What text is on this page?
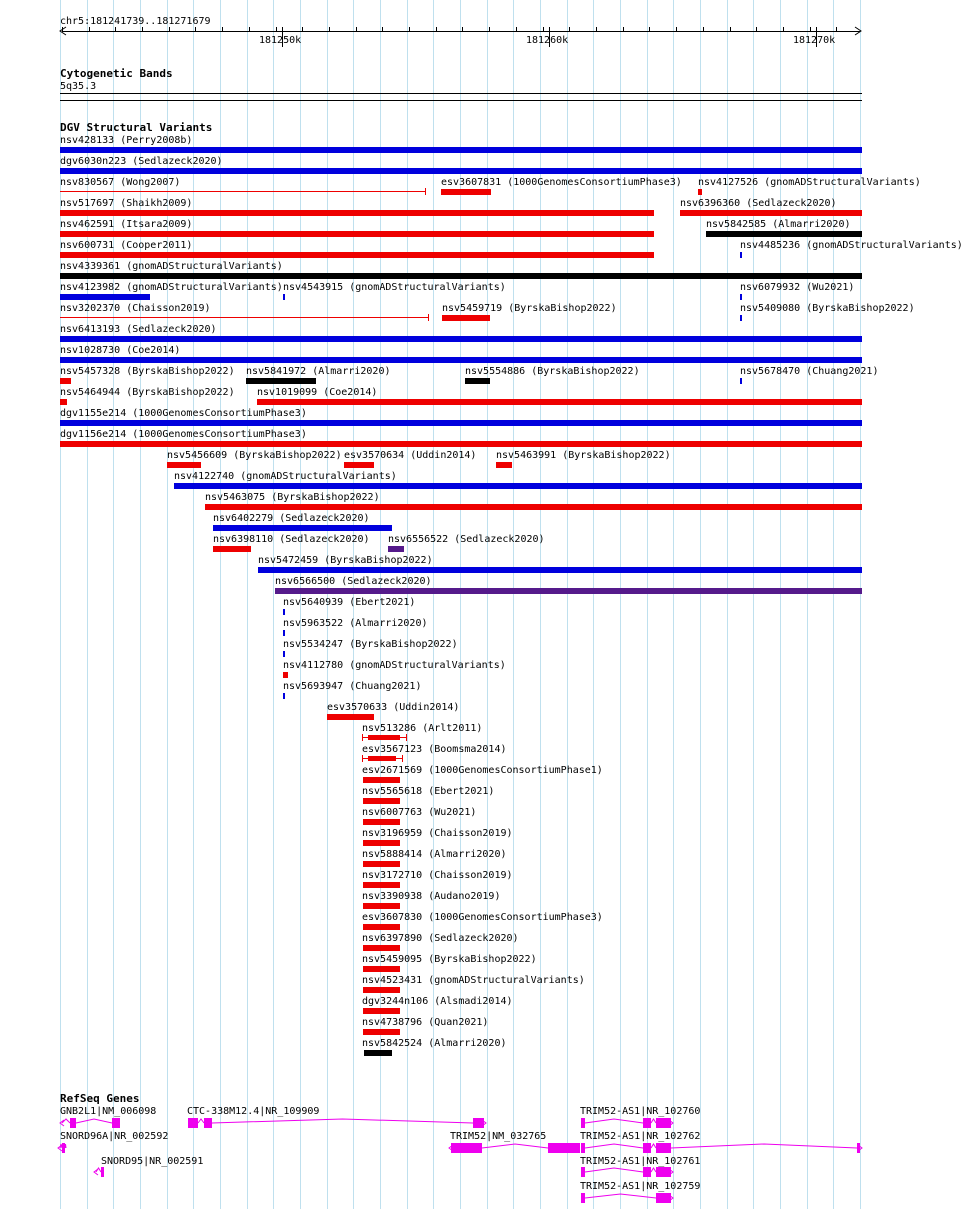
chr5:181241739..181271679
181250k	181260k	181270k
Cytogenetic Bands
5q35.3
DGV Structural Variants
nsv428133 (Perry2008b)
dgv6030n223 (Sedlazeck2020)
nsv830567 (Wong2007)	esv3607831 (1000GenomesConsortiumPhase3) nsv4127526 (gnomADStructuralVariants)
nsv517697 (Shaikh2009)	nsv6396360 (Sedlazeck2020)
nsv462591 (Itsara2009)	nsv5842585 (Almarri2020)
nsv600731 (Cooper2011)	nsv4485236 (gnomADStructuralVariants)
nsv4339361 (gnomADStructuralVariants)
nsv4123982 (gnomADStructuralVariants) nsv4543915 (gnomADStructuralVariants)	nsv6079932 (Wu2021)
nsv3202370 (Chaisson2019)	nsv5459719 (ByrskaBishop2022)	nsv5409080 (ByrskaBishop2022)
nsv6413193 (Sedlazeck2020)
nsv1028730 (Coe2014)
nsv5457328 (ByrskaBishop2022) nsv5841972 (Almarri2020)	nsv5554886 (ByrskaBishop2022)	nsv5678470 (Chuang2021)
nsv5464944 (ByrskaBishop2022) nsv1019099 (Coe2014)
dgv1155e214 (1000GenomesConsortiumPhase3)
dgv1156e214 (1000GenomesConsortiumPhase3)
nsv5456609 (ByrskaBishop2022) esv3570634 (Uddin2014) nsv5463991 (ByrskaBishop2022)
nsv4122740 (gnomADStructuralVariants)
nsv5463075 (ByrskaBishop2022)
nsv6402279 (Sedlazeck2020)
nsv6398110 (Sedlazeck2020) nsv6556522 (Sedlazeck2020)
nsv5472459 (ByrskaBishop2022)
nsv6566500 (Sedlazeck2020)
nsv5640939 (Ebert2021)
nsv5963522 (Almarri2020)
nsv5534247 (ByrskaBishop2022)
nsv4112780 (gnomADStructuralVariants)
nsv5693947 (Chuang2021)
esv3570633 (Uddin2014)
nsv513286 (Arlt2011)
esv3567123 (Boomsma2014)
esv2671569 (1000GenomesConsortiumPhase1)
nsv5565618 (Ebert2021)
nsv6007763 (Wu2021)
nsv3196959 (Chaisson2019)
nsv5888414 (Almarri2020)
nsv3172710 (Chaisson2019)
nsv3390938 (Audano2019)
esv3607830 (1000GenomesConsortiumPhase3)
nsv6397890 (Sedlazeck2020)
nsv5459095 (ByrskaBishop2022)
nsv4523431 (gnomADStructuralVariants)
dgv3244n106 (Alsmadi2014)
nsv4738796 (Quan2021)
nsv5842524 (Almarri2020)
RefSeq Genes
GNB2L1|NM_006098	CTC-338M12.4|NR_109909	TRIM52-AS1|NR_102760
SNORD96A|NR_002592	TRIM52|NM_032765	TRIM52-AS1|NR_102762
SNORD95|NR_002591	TRIM52-AS1|NR_102761
TRIM52-AS1|NR_102759
